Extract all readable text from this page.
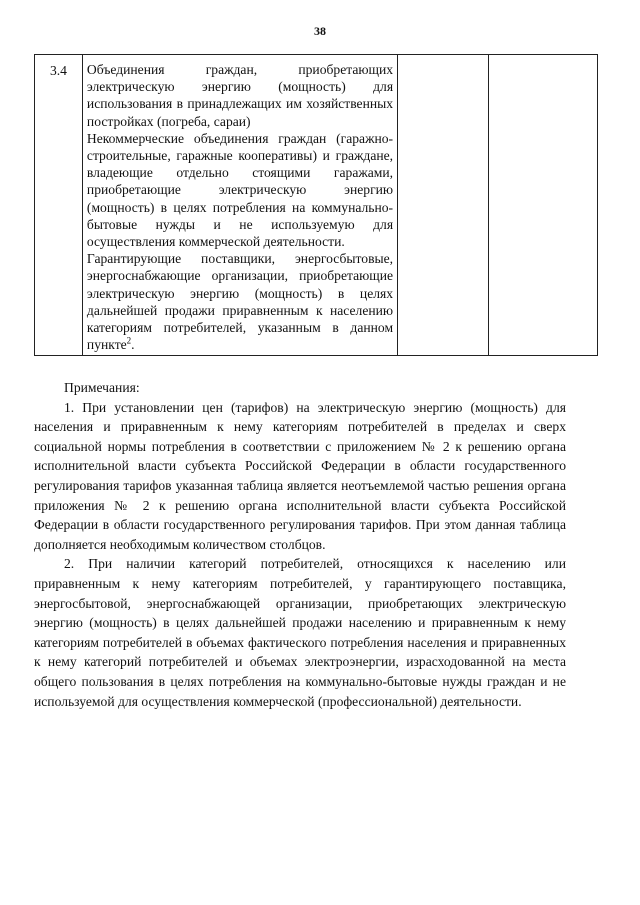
38
3.4	Объединения граждан, приобретающих электрическую энергию (мощность) для использования в принадлежащих им хозяйственных постройках (погреба, сараи)
Некоммерческие объединения граждан (гаражно-строительные, гаражные кооперативы) и граждане, владеющие отдельно стоящими гаражами, приобретающие электрическую энергию (мощность) в целях потребления на коммунально-бытовые нужды и не используемую для осуществления коммерческой деятельности.
Гарантирующие поставщики, энергосбытовые, энергоснабжающие организации, приобретающие электрическую энергию (мощность) в целях дальнейшей продажи приравненным к населению категориям потребителей, указанным в данном пункте$^2$.

Примечания:

1. При установлении цен (тарифов) на электрическую энергию (мощность) для населения и приравненным к нему категориям потребителей в пределах и сверх социальной нормы потребления в соответствии с приложением № 2 к решению органа исполнительной власти субъекта Российской Федерации в области государственного регулирования тарифов указанная таблица является неотъемлемой частью решения органа приложения № 2 к решению органа исполнительной власти субъекта Российской Федерации в области государственного регулирования тарифов. При этом данная таблица дополняется необходимым количеством столбцов.

2. При наличии категорий потребителей, относящихся к населению или приравненным к нему категориям потребителей, у гарантирующего поставщика, энергосбытовой, энергоснабжающей организации, приобретающих электрическую энергию (мощность) в целях дальнейшей продажи населению и приравненным к нему категориям потребителей в объемах фактического потребления населения и приравненных к нему категорий потребителей и объемах электроэнергии, израсходованной на места общего пользования в целях потребления на коммунально-бытовые нужды граждан и не используемой для осуществления коммерческой (профессиональной) деятельности.
